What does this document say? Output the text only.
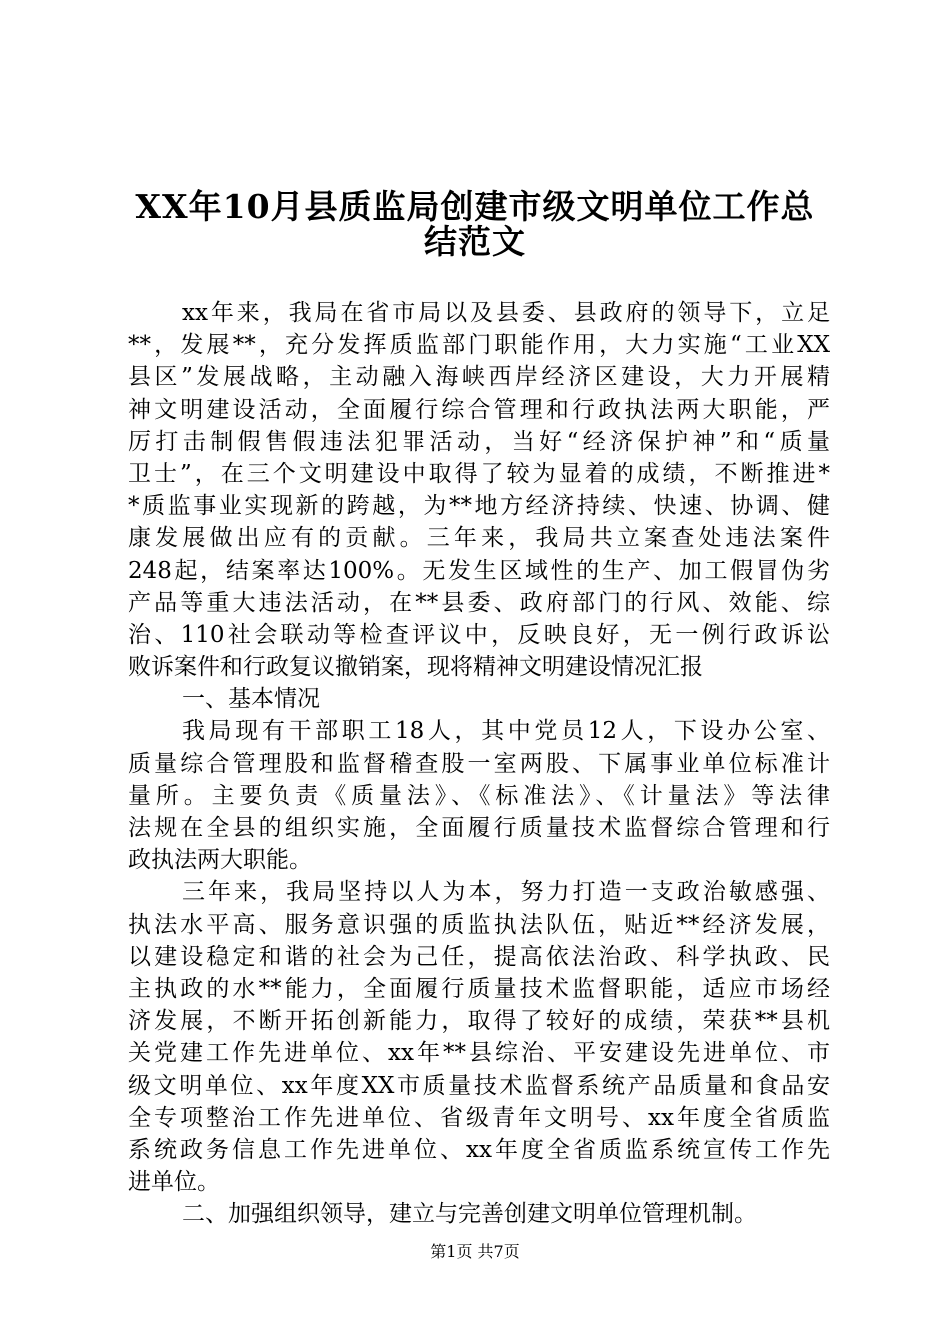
XX年10月县质监局创建市级文明单位工作总
结范文
xx年来，我局在省市局以及县委、县政府的领导下，立足
**，发展**，充分发挥质监部门职能作用，大力实施“工业XX
县区”发展战略，主动融入海峡西岸经济区建设，大力开展精
神文明建设活动，全面履行综合管理和行政执法两大职能，严
厉打击制假售假违法犯罪活动，当好“经济保护神”和“质量
卫士”，在三个文明建设中取得了较为显着的成绩，不断推进*
*质监事业实现新的跨越，为**地方经济持续、快速、协调、健
康发展做出应有的贡献。三年来，我局共立案查处违法案件
248起，结案率达100%。无发生区域性的生产、加工假冒伪劣
产品等重大违法活动，在**县委、政府部门的行风、效能、综
治、110社会联动等检查评议中，反映良好，无一例行政诉讼
败诉案件和行政复议撤销案，现将精神文明建设情况汇报
一、基本情况
我局现有干部职工18人，其中党员12人，下设办公室、
质量综合管理股和监督稽查股一室两股、下属事业单位标准计
量所。主要负责《质量法》、《标准法》、《计量法》等法律
法规在全县的组织实施，全面履行质量技术监督综合管理和行
政执法两大职能。
三年来，我局坚持以人为本，努力打造一支政治敏感强、
执法水平高、服务意识强的质监执法队伍，贴近**经济发展，
以建设稳定和谐的社会为己任，提高依法治政、科学执政、民
主执政的水**能力，全面履行质量技术监督职能，适应市场经
济发展，不断开拓创新能力，取得了较好的成绩，荣获**县机
关党建工作先进单位、xx年**县综治、平安建设先进单位、市
级文明单位、xx年度XX市质量技术监督系统产品质量和食品安
全专项整治工作先进单位、省级青年文明号、xx年度全省质监
系统政务信息工作先进单位、xx年度全省质监系统宣传工作先
进单位。
二、加强组织领导，建立与完善创建文明单位管理机制。
第1页 共7页
